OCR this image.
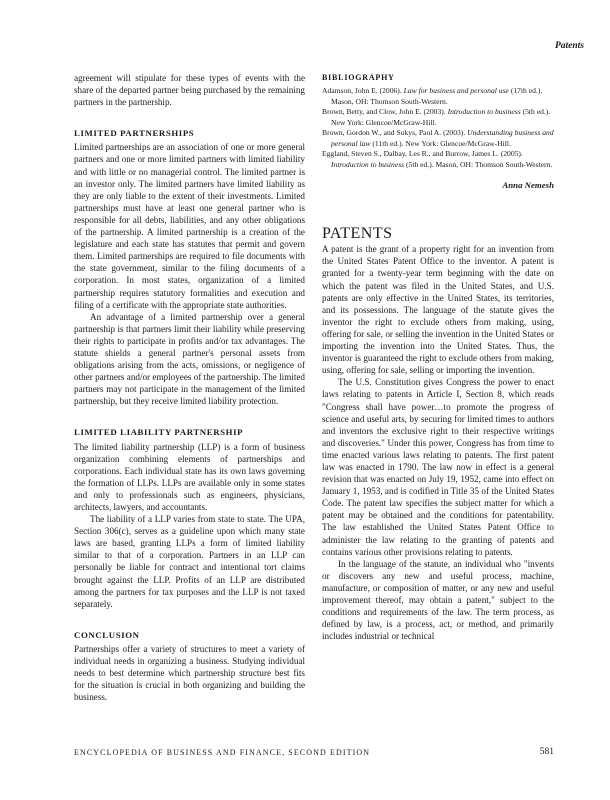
Patents

agreement will stipulate for these types of events with the share of the departed partner being purchased by the remaining partners in the partnership.

LIMITED PARTNERSHIPS

Limited partnerships are an association of one or more general partners and one or more limited partners with limited liability and with little or no managerial control. The limited partner is an investor only. The limited partners have limited liability as they are only liable to the extent of their investments. Limited partnerships must have at least one general partner who is responsible for all debts, liabilities, and any other obligations of the partnership. A limited partnership is a creation of the legislature and each state has statutes that permit and govern them. Limited partnerships are required to file documents with the state government, similar to the filing documents of a corporation. In most states, organization of a limited partnership requires statutory formalities and execution and filing of a certificate with the appropriate state authorities.

An advantage of a limited partnership over a general partnership is that partners limit their liability while preserving their rights to participate in profits and/or tax advantages. The statute shields a general partner's personal assets from obligations arising from the acts, omissions, or negligence of other partners and/or employees of the partnership. The limited partners may not participate in the management of the limited partnership, but they receive limited liability protection.

LIMITED LIABILITY PARTNERSHIP

The limited liability partnership (LLP) is a form of business organization combining elements of partnerships and corporations. Each individual state has its own laws governing the formation of LLPs. LLPs are available only in some states and only to professionals such as engineers, physicians, architects, lawyers, and accountants.

The liability of a LLP varies from state to state. The UPA, Section 306(c), serves as a guideline upon which many state laws are based, granting LLPs a form of limited liability similar to that of a corporation. Partners in an LLP can personally be liable for contract and intentional tort claims brought against the LLP. Profits of an LLP are distributed among the partners for tax purposes and the LLP is not taxed separately.

CONCLUSION

Partnerships offer a variety of structures to meet a variety of individual needs in organizing a business. Studying individual needs to best determine which partnership structure best fits for the situation is crucial in both organizing and building the business.

BIBLIOGRAPHY

Adamson, John E. (2006). Law for business and personal use (17th ed.). Mason, OH: Thomson South-Western.

Brown, Betty, and Clow, John E. (2003). Introduction to business (5th ed.). New York: Glencoe/McGraw-Hill.

Brown, Gordon W., and Sukys, Paul A. (2003). Understanding business and personal law (11th ed.). New York: Glencoe/McGraw-Hill.

Eggland, Steven S., Dalbay, Les R., and Burrow, James L. (2005). Introduction to business (5th ed.). Mason, OH: Thomson South-Western.

Anna Nemesh
PATENTS

A patent is the grant of a property right for an invention from the United States Patent Office to the inventor. A patent is granted for a twenty-year term beginning with the date on which the patent was filed in the United States, and U.S. patents are only effective in the United States, its territories, and its possessions. The language of the statute gives the inventor the right to exclude others from making, using, offering for sale, or selling the invention in the United States or importing the invention into the United States. Thus, the inventor is guaranteed the right to exclude others from making, using, offering for sale, selling or importing the invention.

The U.S. Constitution gives Congress the power to enact laws relating to patents in Article I, Section 8, which reads "Congress shall have power…to promote the progress of science and useful arts, by securing for limited times to authors and inventors the exclusive right to their respective writings and discoveries." Under this power, Congress has from time to time enacted various laws relating to patents. The first patent law was enacted in 1790. The law now in effect is a general revision that was enacted on July 19, 1952, came into effect on January 1, 1953, and is codified in Title 35 of the United States Code. The patent law specifies the subject matter for which a patent may be obtained and the conditions for patentability. The law established the United States Patent Office to administer the law relating to the granting of patents and contains various other provisions relating to patents.

In the language of the statute, an individual who "invents or discovers any new and useful process, machine, manufacture, or composition of matter, or any new and useful improvement thereof, may obtain a patent," subject to the conditions and requirements of the law. The term process, as defined by law, is a process, act, or method, and primarily includes industrial or technical

ENCYCLOPEDIA OF BUSINESS AND FINANCE, SECOND EDITION	581
